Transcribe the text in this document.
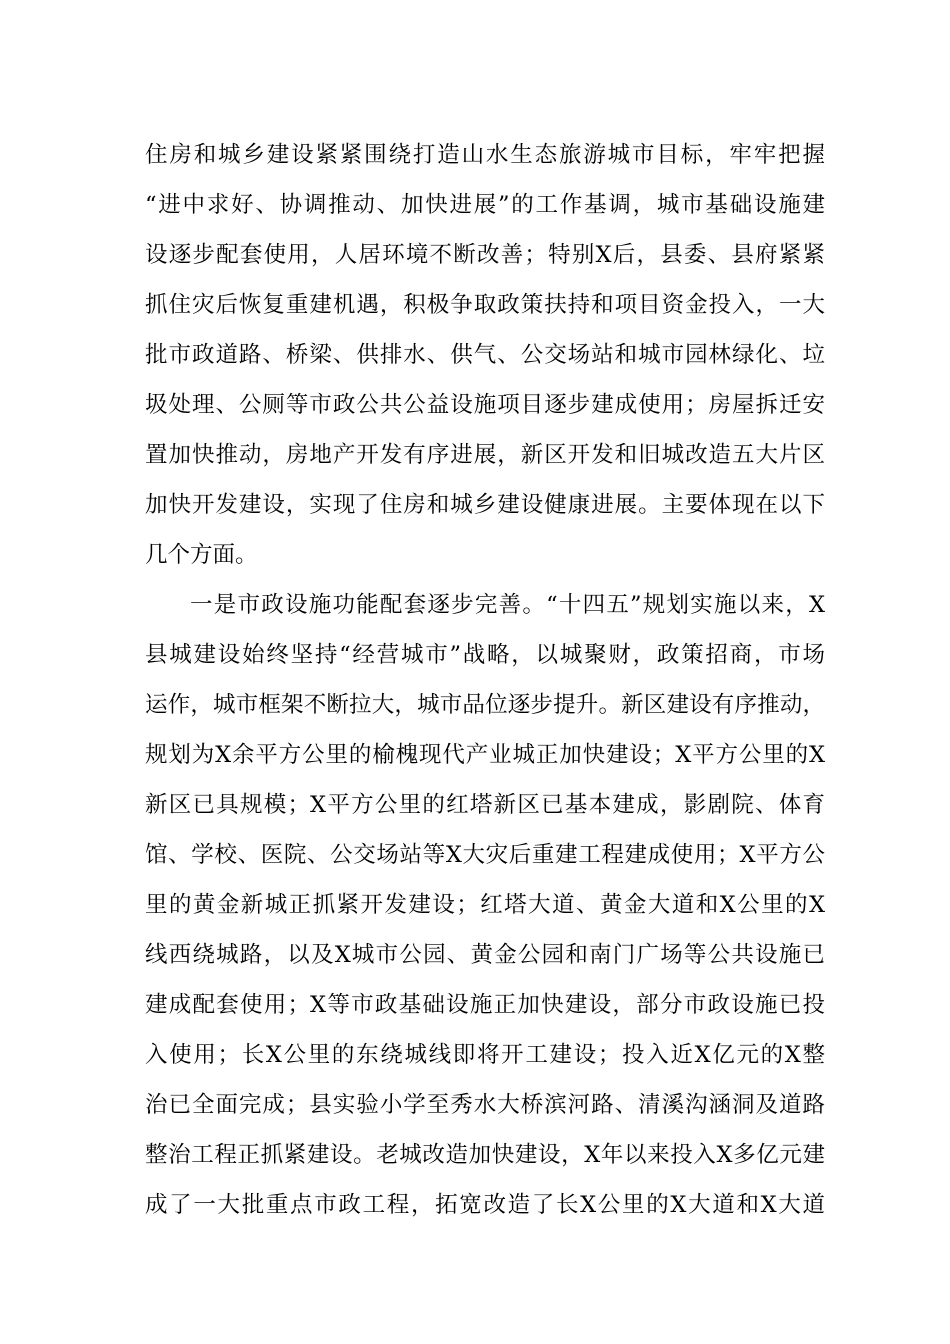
住房和城乡建设紧紧围绕打造山水生态旅游城市目标，牢牢把握
“进中求好、协调推动、加快进展”的工作基调，城市基础设施建
设逐步配套使用，人居环境不断改善；特别X后，县委、县府紧紧
抓住灾后恢复重建机遇，积极争取政策扶持和项目资金投入，一大
批市政道路、桥梁、供排水、供气、公交场站和城市园林绿化、垃
圾处理、公厕等市政公共公益设施项目逐步建成使用；房屋拆迁安
置加快推动，房地产开发有序进展，新区开发和旧城改造五大片区
加快开发建设，实现了住房和城乡建设健康进展。主要体现在以下
几个方面。
一是市政设施功能配套逐步完善。“十四五”规划实施以来，X
县城建设始终坚持“经营城市”战略，以城聚财，政策招商，市场
运作，城市框架不断拉大，城市品位逐步提升。新区建设有序推动，
规划为X余平方公里的榆槐现代产业城正加快建设；X平方公里的X
新区已具规模；X平方公里的红塔新区已基本建成，影剧院、体育
馆、学校、医院、公交场站等X大灾后重建工程建成使用；X平方公
里的黄金新城正抓紧开发建设；红塔大道、黄金大道和X公里的X
线西绕城路，以及X城市公园、黄金公园和南门广场等公共设施已
建成配套使用；X等市政基础设施正加快建设，部分市政设施已投
入使用；长X公里的东绕城线即将开工建设；投入近X亿元的X整
治已全面完成；县实验小学至秀水大桥滨河路、清溪沟涵洞及道路
整治工程正抓紧建设。老城改造加快建设，X年以来投入X多亿元建
成了一大批重点市政工程，拓宽改造了长X公里的X大道和X大道
